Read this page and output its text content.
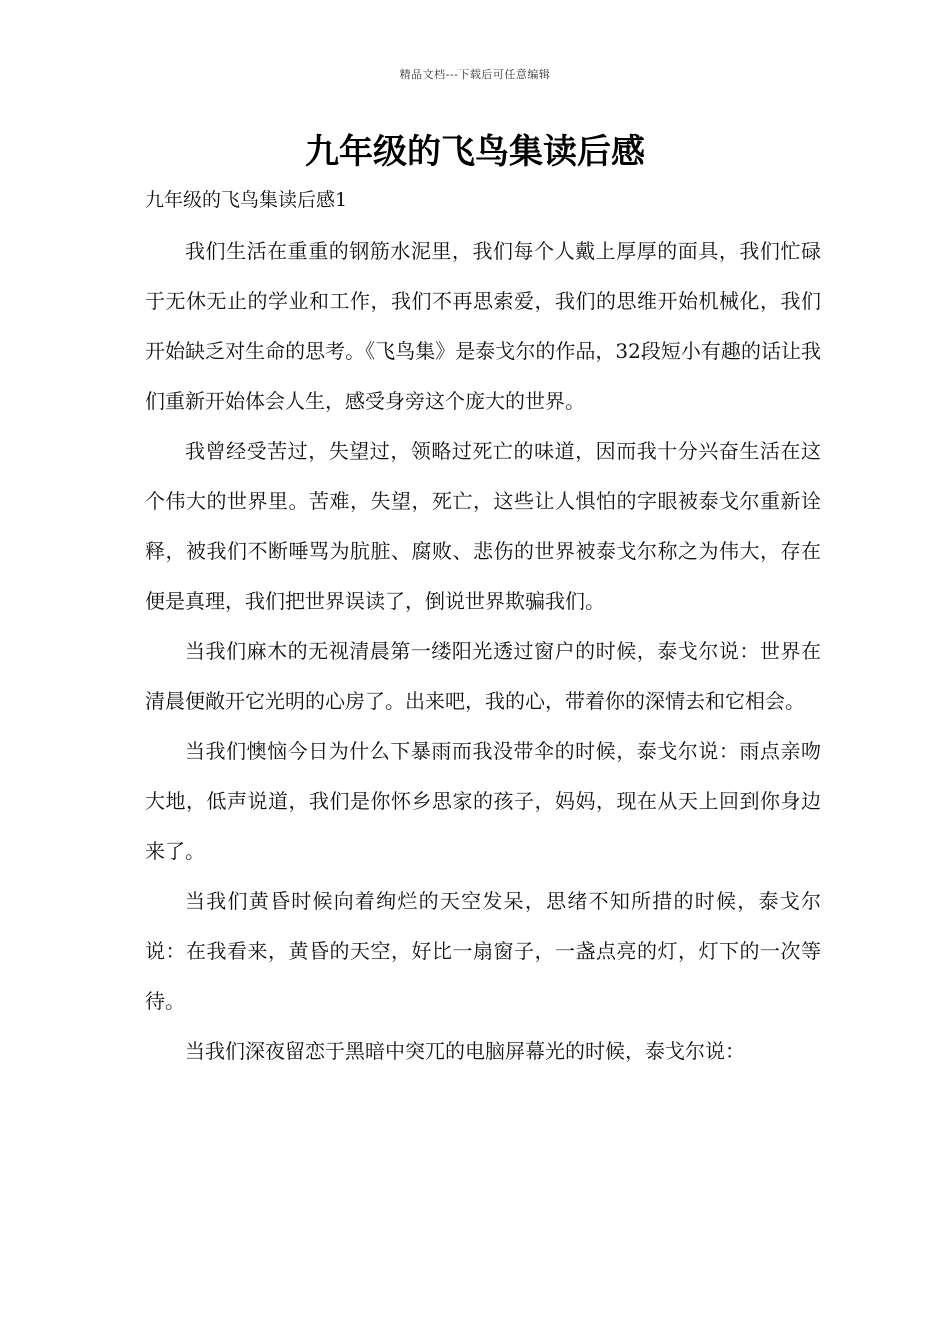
精品文档---下载后可任意编辑
九年级的飞鸟集读后感

九年级的飞鸟集读后感1

我们生活在重重的钢筋水泥里，我们每个人戴上厚厚的面具，我们忙碌于无休无止的学业和工作，我们不再思索爱，我们的思维开始机械化，我们开始缺乏对生命的思考。《飞鸟集》是泰戈尔的作品，32段短小有趣的话让我们重新开始体会人生，感受身旁这个庞大的世界。

我曾经受苦过，失望过，领略过死亡的味道，因而我十分兴奋生活在这个伟大的世界里。苦难，失望，死亡，这些让人惧怕的字眼被泰戈尔重新诠释，被我们不断唾骂为肮脏、腐败、悲伤的世界被泰戈尔称之为伟大，存在便是真理，我们把世界误读了，倒说世界欺骗我们。

当我们麻木的无视清晨第一缕阳光透过窗户的时候，泰戈尔说：世界在清晨便敞开它光明的心房了。出来吧，我的心，带着你的深情去和它相会。

当我们懊恼今日为什么下暴雨而我没带伞的时候，泰戈尔说：雨点亲吻大地，低声说道，我们是你怀乡思家的孩子，妈妈，现在从天上回到你身边来了。

当我们黄昏时候向着绚烂的天空发呆，思绪不知所措的时候，泰戈尔说：在我看来，黄昏的天空，好比一扇窗子，一盏点亮的灯，灯下的一次等待。

当我们深夜留恋于黑暗中突兀的电脑屏幕光的时候，泰戈尔说：
